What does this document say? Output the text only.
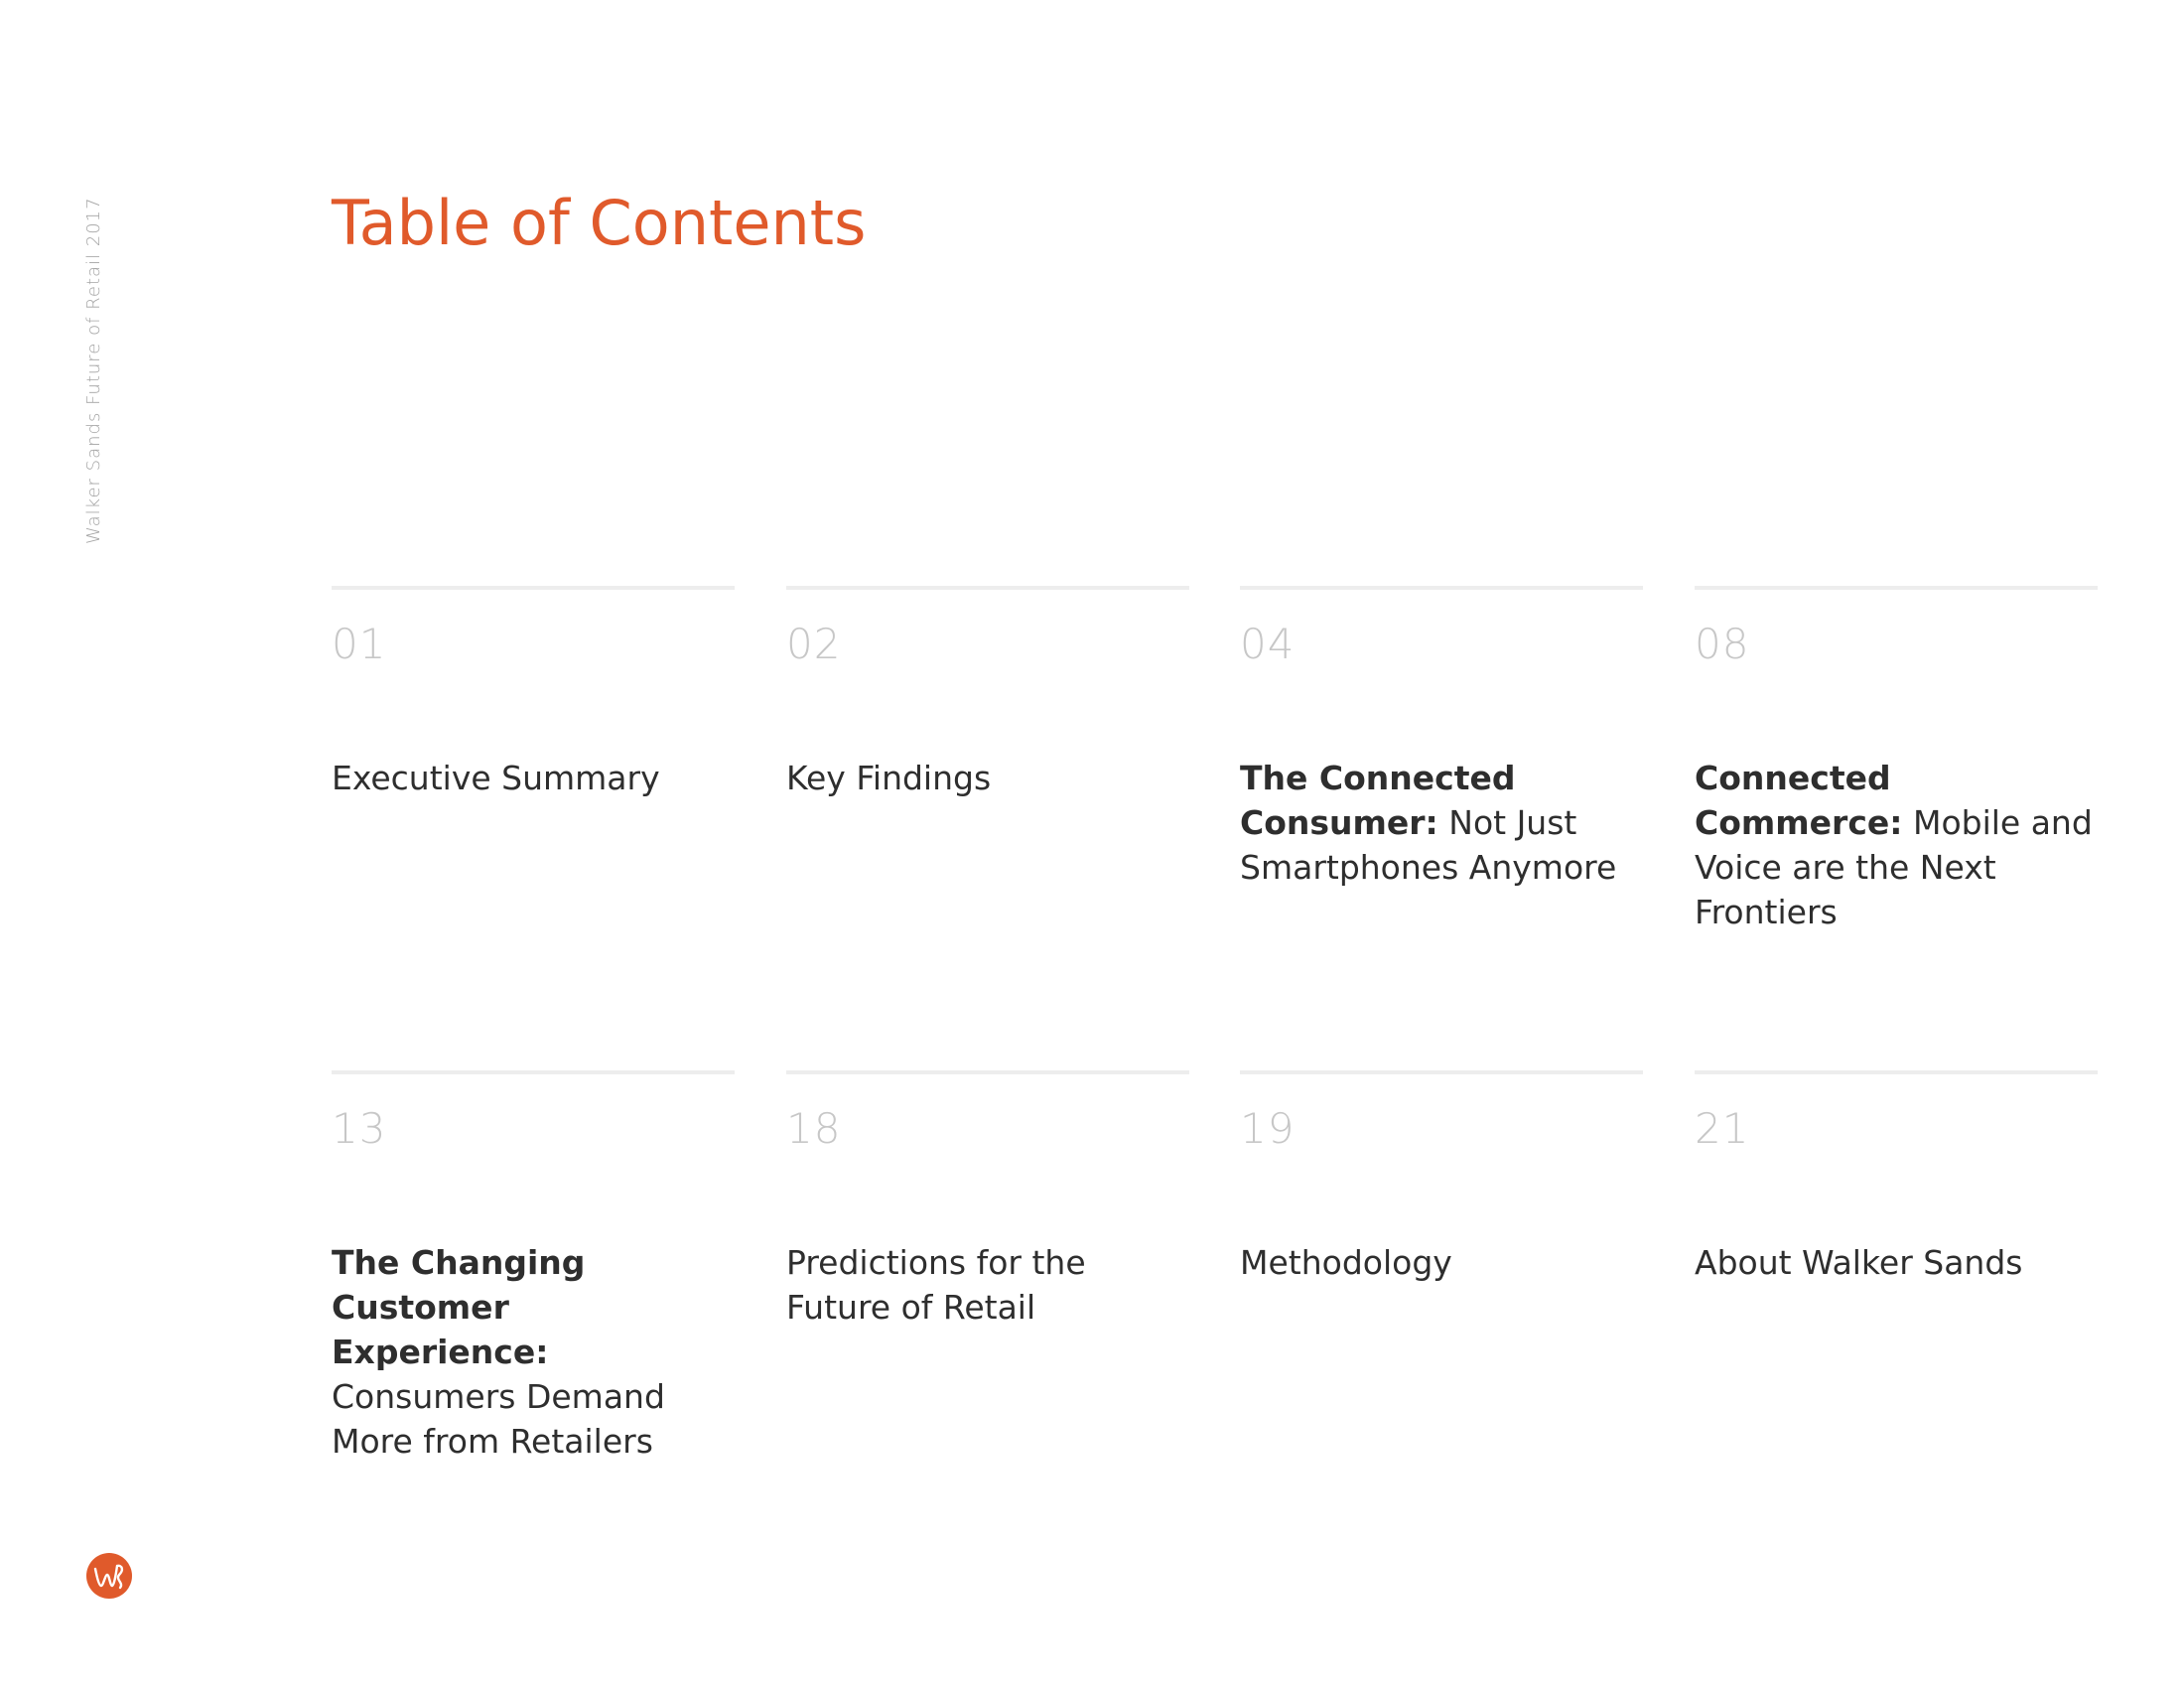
Walker Sands Future of Retail 2017	Table of Contents
01
Executive Summary
02
Key Findings
04
The Connected Consumer: Not Just Smartphones Anymore
08
Connected Commerce: Mobile and Voice are the Next Frontiers
13
The Changing Customer Experience: Consumers Demand More from Retailers
18
Predictions for the Future of Retail
19
Methodology
21
About Walker Sands
